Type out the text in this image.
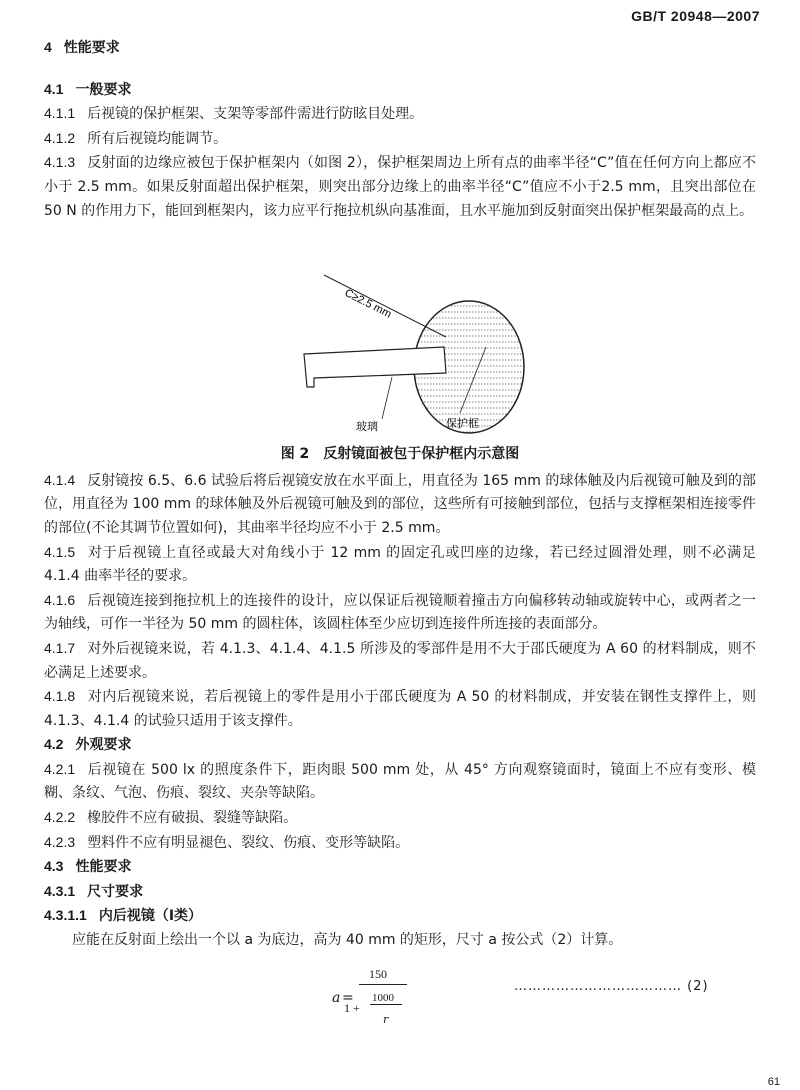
GB/T 20948—2007

4 性能要求

4.1 一般要求

4.1.1 后视镜的保护框架、支架等零部件需进行防眩目处理。

4.1.2 所有后视镜均能调节。

4.1.3 反射面的边缘应被包于保护框架内（如图 2），保护框架周边上所有点的曲率半径“C”值在任何方向上都应不小于 2.5 mm。如果反射面超出保护框架，则突出部分边缘上的曲率半径“C”值应不小于2.5 mm，且突出部位在 50 N 的作用力下，能回到框架内，该力应平行拖拉机纵向基准面，且水平施加到反射面突出保护框架最高的点上。

C≥2.5 mm
玻璃	保护框
图 2　反射镜面被包于保护框内示意图

4.1.4 反射镜按 6.5、6.6 试验后将后视镜安放在水平面上，用直径为 165 mm 的球体触及内后视镜可触及到的部位，用直径为 100 mm 的球体触及外后视镜可触及到的部位，这些所有可接触到部位，包括与支撑框架相连接零件的部位(不论其调节位置如何)，其曲率半径均应不小于 2.5 mm。

4.1.5 对于后视镜上直径或最大对角线小于 12 mm 的固定孔或凹座的边缘，若已经过圆滑处理，则不必满足 4.1.4 曲率半径的要求。

4.1.6 后视镜连接到拖拉机上的连接件的设计，应以保证后视镜顺着撞击方向偏移转动轴或旋转中心，或两者之一为轴线，可作一半径为 50 mm 的圆柱体，该圆柱体至少应切到连接件所连接的表面部分。

4.1.7 对外后视镜来说，若 4.1.3、4.1.4、4.1.5 所涉及的零部件是用不大于邵氏硬度为 A 60 的材料制成，则不必满足上述要求。

4.1.8 对内后视镜来说，若后视镜上的零件是用小于邵氏硬度为 A 50 的材料制成，并安装在钢性支撑件上，则 4.1.3、4.1.4 的试验只适用于该支撑件。

4.2 外观要求

4.2.1 后视镜在 500 lx 的照度条件下，距肉眼 500 mm 处，从 45° 方向观察镜面时，镜面上不应有变形、模糊、条纹、气泡、伤痕、裂纹、夹杂等缺陷。

4.2.2 橡胶件不应有破损、裂缝等缺陷。

4.2.3 塑料件不应有明显褪色、裂纹、伤痕、变形等缺陷。

4.3 性能要求

4.3.1 尺寸要求

4.3.1.1 内后视镜（Ⅰ类）

应能在反射面上绘出一个以 a 为底边，高为 40 mm 的矩形，尺寸 a 按公式（2）计算。

a =
150
1 +
1000
r
……………………………… (2)
61
